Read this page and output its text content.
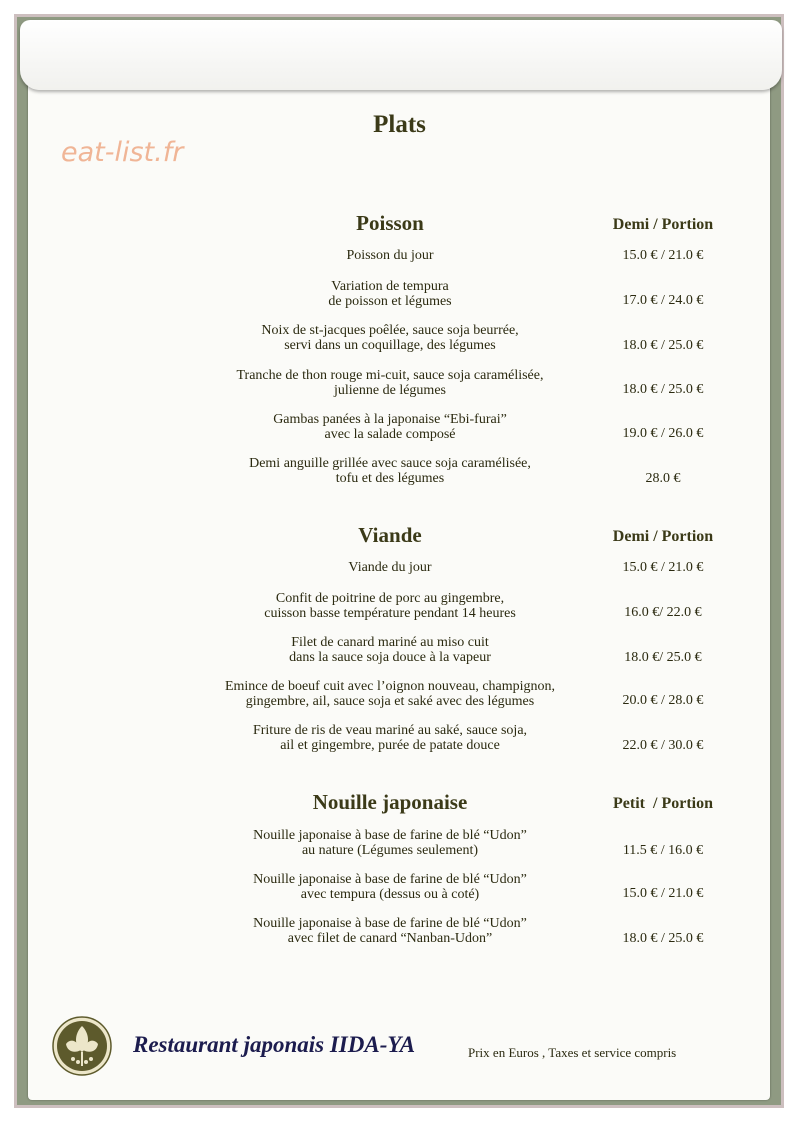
Plats
eat-list.fr
Poisson	Demi / Portion
Poisson du jour	15.0 € / 21.0 €
Variation de tempura
de poisson et légumes	17.0 € / 24.0 €
Noix de st-jacques poêlée, sauce soja beurrée,
servi dans un coquillage, des légumes	18.0 € / 25.0 €
Tranche de thon rouge mi-cuit, sauce soja caramélisée,
julienne de légumes	18.0 € / 25.0 €
Gambas panées à la japonaise “Ebi-furai”
avec la salade composé	19.0 € / 26.0 €
Demi anguille grillée avec sauce soja caramélisée,
tofu et des légumes	28.0 €
Viande	Demi / Portion
Viande du jour	15.0 € / 21.0 €
Confit de poitrine de porc au gingembre,
cuisson basse température pendant 14 heures	16.0 €/ 22.0 €
Filet de canard mariné au miso cuit
dans la sauce soja douce à la vapeur	18.0 €/ 25.0 €
Emince de boeuf cuit avec l’oignon nouveau, champignon,
gingembre, ail, sauce soja et saké avec des légumes	20.0 € / 28.0 €
Friture de ris de veau mariné au saké, sauce soja,
ail et gingembre, purée de patate douce	22.0 € / 30.0 €
Nouille japonaise	Petit  / Portion
Nouille japonaise à base de farine de blé “Udon”
au nature (Légumes seulement)	11.5 € / 16.0 €
Nouille japonaise à base de farine de blé “Udon”
avec tempura (dessus ou à coté)	15.0 € / 21.0 €
Nouille japonaise à base de farine de blé “Udon”
avec filet de canard “Nanban-Udon”	18.0 € / 25.0 €
Restaurant japonais IIDA-YA	Prix en Euros , Taxes et service compris
